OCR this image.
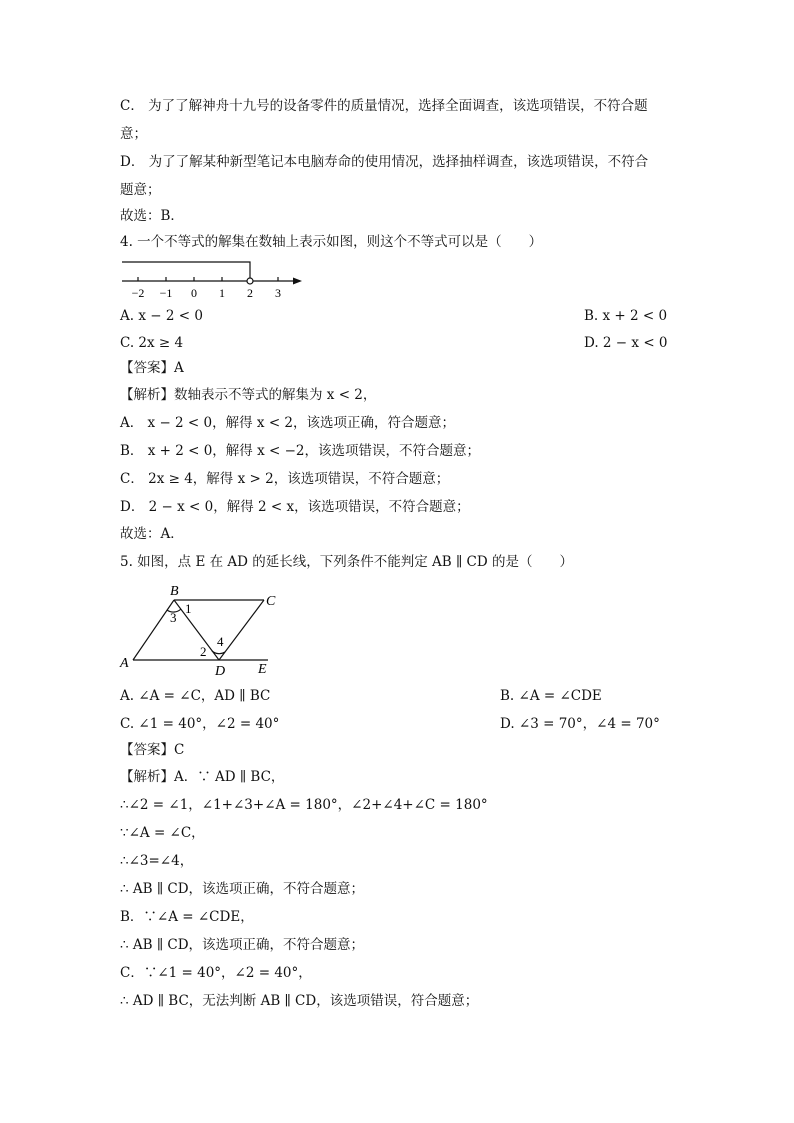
C． 为了了解神舟十九号的设备零件的质量情况，选择全面调查，该选项错误，不符合题
意；
D． 为了了解某种新型笔记本电脑寿命的使用情况，选择抽样调查，该选项错误，不符合
题意；
故选：B．
4. 一个不等式的解集在数轴上表示如图，则这个不等式可以是（　　）
−2 −1 0 1 2 3
A. x − 2 < 0	B. x + 2 < 0
C. 2x ≥ 4	D. 2 − x < 0
【答案】A
【解析】数轴表示不等式的解集为 x < 2，
A． x − 2 < 0，解得 x < 2，该选项正确，符合题意；
B． x + 2 < 0，解得 x < −2，该选项错误，不符合题意；
C． 2x ≥ 4，解得 x > 2，该选项错误，不符合题意；
D． 2 − x < 0，解得 2 < x，该选项错误，不符合题意；
故选：A．
5. 如图，点 E 在 AD 的延长线，下列条件不能判定 AB ∥ CD 的是（　　）
B
C
A
D E
1
3
2
4
A. ∠A = ∠C，AD ∥ BC	B. ∠A = ∠CDE
C. ∠1 = 40°，∠2 = 40°	D. ∠3 = 70°，∠4 = 70°
【答案】C
【解析】A．∵ AD ∥ BC，
∴∠2 = ∠1，∠1+∠3+∠A = 180°，∠2+∠4+∠C = 180°
∵∠A = ∠C，
∴∠3=∠4，
∴ AB ∥ CD，该选项正确，不符合题意；
B．∵∠A = ∠CDE，
∴ AB ∥ CD，该选项正确，不符合题意；
C．∵∠1 = 40°，∠2 = 40°，
∴ AD ∥ BC，无法判断 AB ∥ CD，该选项错误，符合题意；
